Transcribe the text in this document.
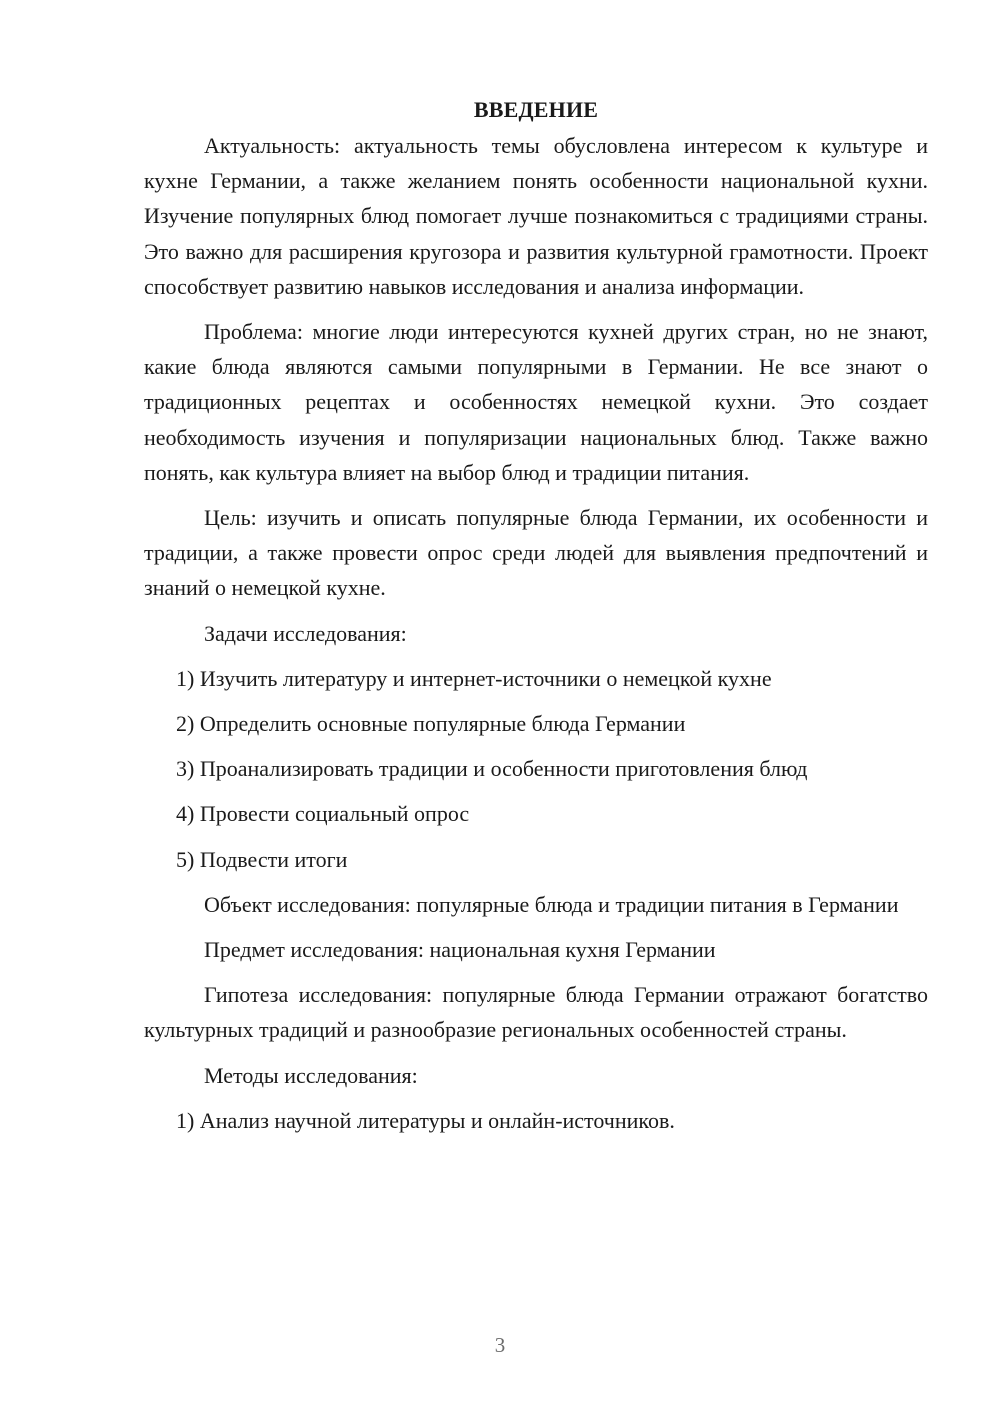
ВВЕДЕНИЕ

Актуальность: актуальность темы обусловлена интересом к культуре и кухне Германии, а также желанием понять особенности национальной кухни. Изучение популярных блюд помогает лучше познакомиться с традициями страны. Это важно для расширения кругозора и развития культурной грамотности. Проект способствует развитию навыков исследования и анализа информации.

Проблема: многие люди интересуются кухней других стран, но не знают, какие блюда являются самыми популярными в Германии. Не все знают о традиционных рецептах и особенностях немецкой кухни. Это создает необходимость изучения и популяризации национальных блюд. Также важно понять, как культура влияет на выбор блюд и традиции питания.

Цель: изучить и описать популярные блюда Германии, их особенности и традиции, а также провести опрос среди людей для выявления предпочтений и знаний о немецкой кухне.

Задачи исследования:

1) Изучить литературу и интернет-источники о немецкой кухне

2) Определить основные популярные блюда Германии

3) Проанализировать традиции и особенности приготовления блюд

4) Провести социальный опрос

5) Подвести итоги

Объект исследования: популярные блюда и традиции питания в Германии

Предмет исследования: национальная кухня Германии

Гипотеза исследования: популярные блюда Германии отражают богатство культурных традиций и разнообразие региональных особенностей страны.

Методы исследования:

1) Анализ научной литературы и онлайн-источников.

3
